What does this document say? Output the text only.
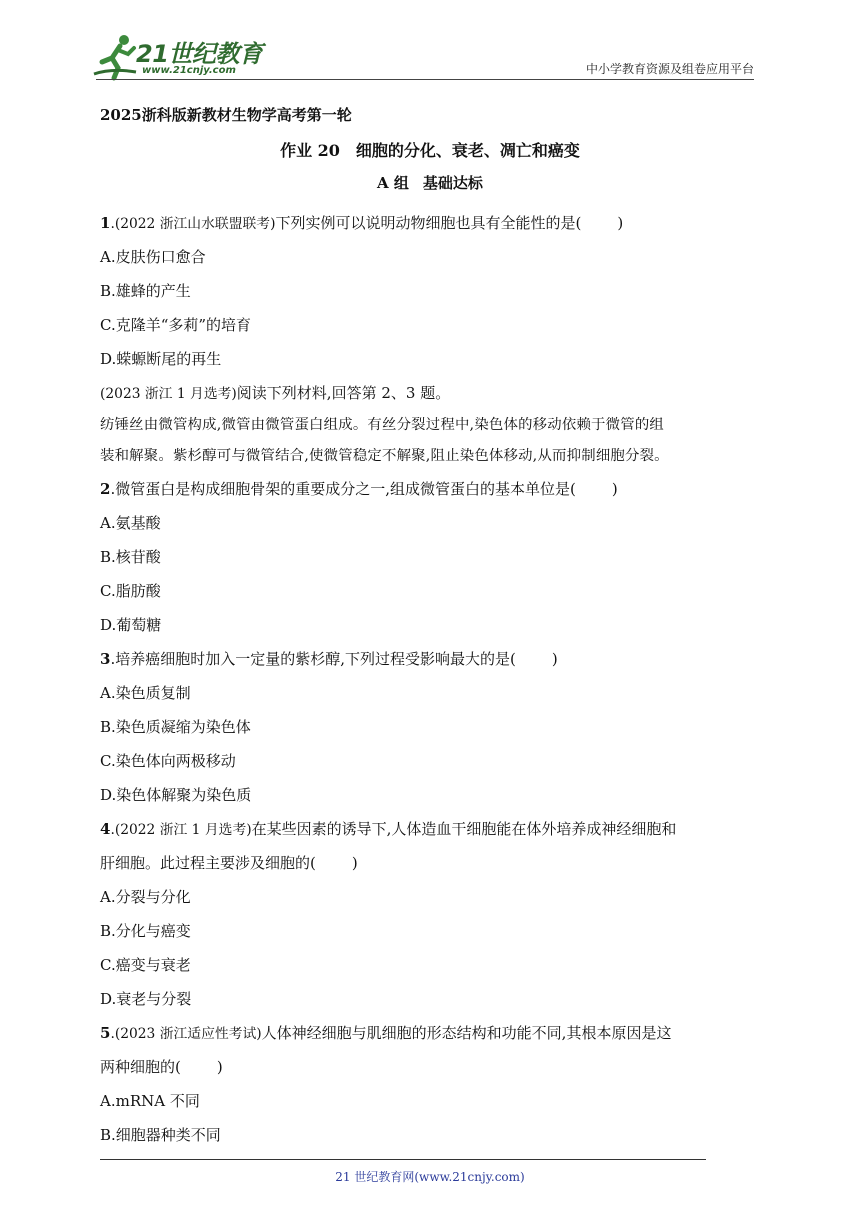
21世纪教育
www.21cnjy.com	中小学教育资源及组卷应用平台
2025浙科版新教材生物学高考第一轮
作业 20 细胞的分化、衰老、凋亡和癌变
A 组 基础达标
1.(2022 浙江山水联盟联考)下列实例可以说明动物细胞也具有全能性的是( )
A.皮肤伤口愈合
B.雄蜂的产生
C.克隆羊“多莉”的培育
D.蝾螈断尾的再生
(2023 浙江 1 月选考)阅读下列材料,回答第 2、3 题。
纺锤丝由微管构成,微管由微管蛋白组成。有丝分裂过程中,染色体的移动依赖于微管的组
装和解聚。紫杉醇可与微管结合,使微管稳定不解聚,阻止染色体移动,从而抑制细胞分裂。
2.微管蛋白是构成细胞骨架的重要成分之一,组成微管蛋白的基本单位是( )
A.氨基酸
B.核苷酸
C.脂肪酸
D.葡萄糖
3.培养癌细胞时加入一定量的紫杉醇,下列过程受影响最大的是( )
A.染色质复制
B.染色质凝缩为染色体
C.染色体向两极移动
D.染色体解聚为染色质
4.(2022 浙江 1 月选考)在某些因素的诱导下,人体造血干细胞能在体外培养成神经细胞和
肝细胞。此过程主要涉及细胞的( )
A.分裂与分化
B.分化与癌变
C.癌变与衰老
D.衰老与分裂
5.(2023 浙江适应性考试)人体神经细胞与肌细胞的形态结构和功能不同,其根本原因是这
两种细胞的( )
A.mRNA 不同
B.细胞器种类不同
21 世纪教育网(www.21cnjy.com)
